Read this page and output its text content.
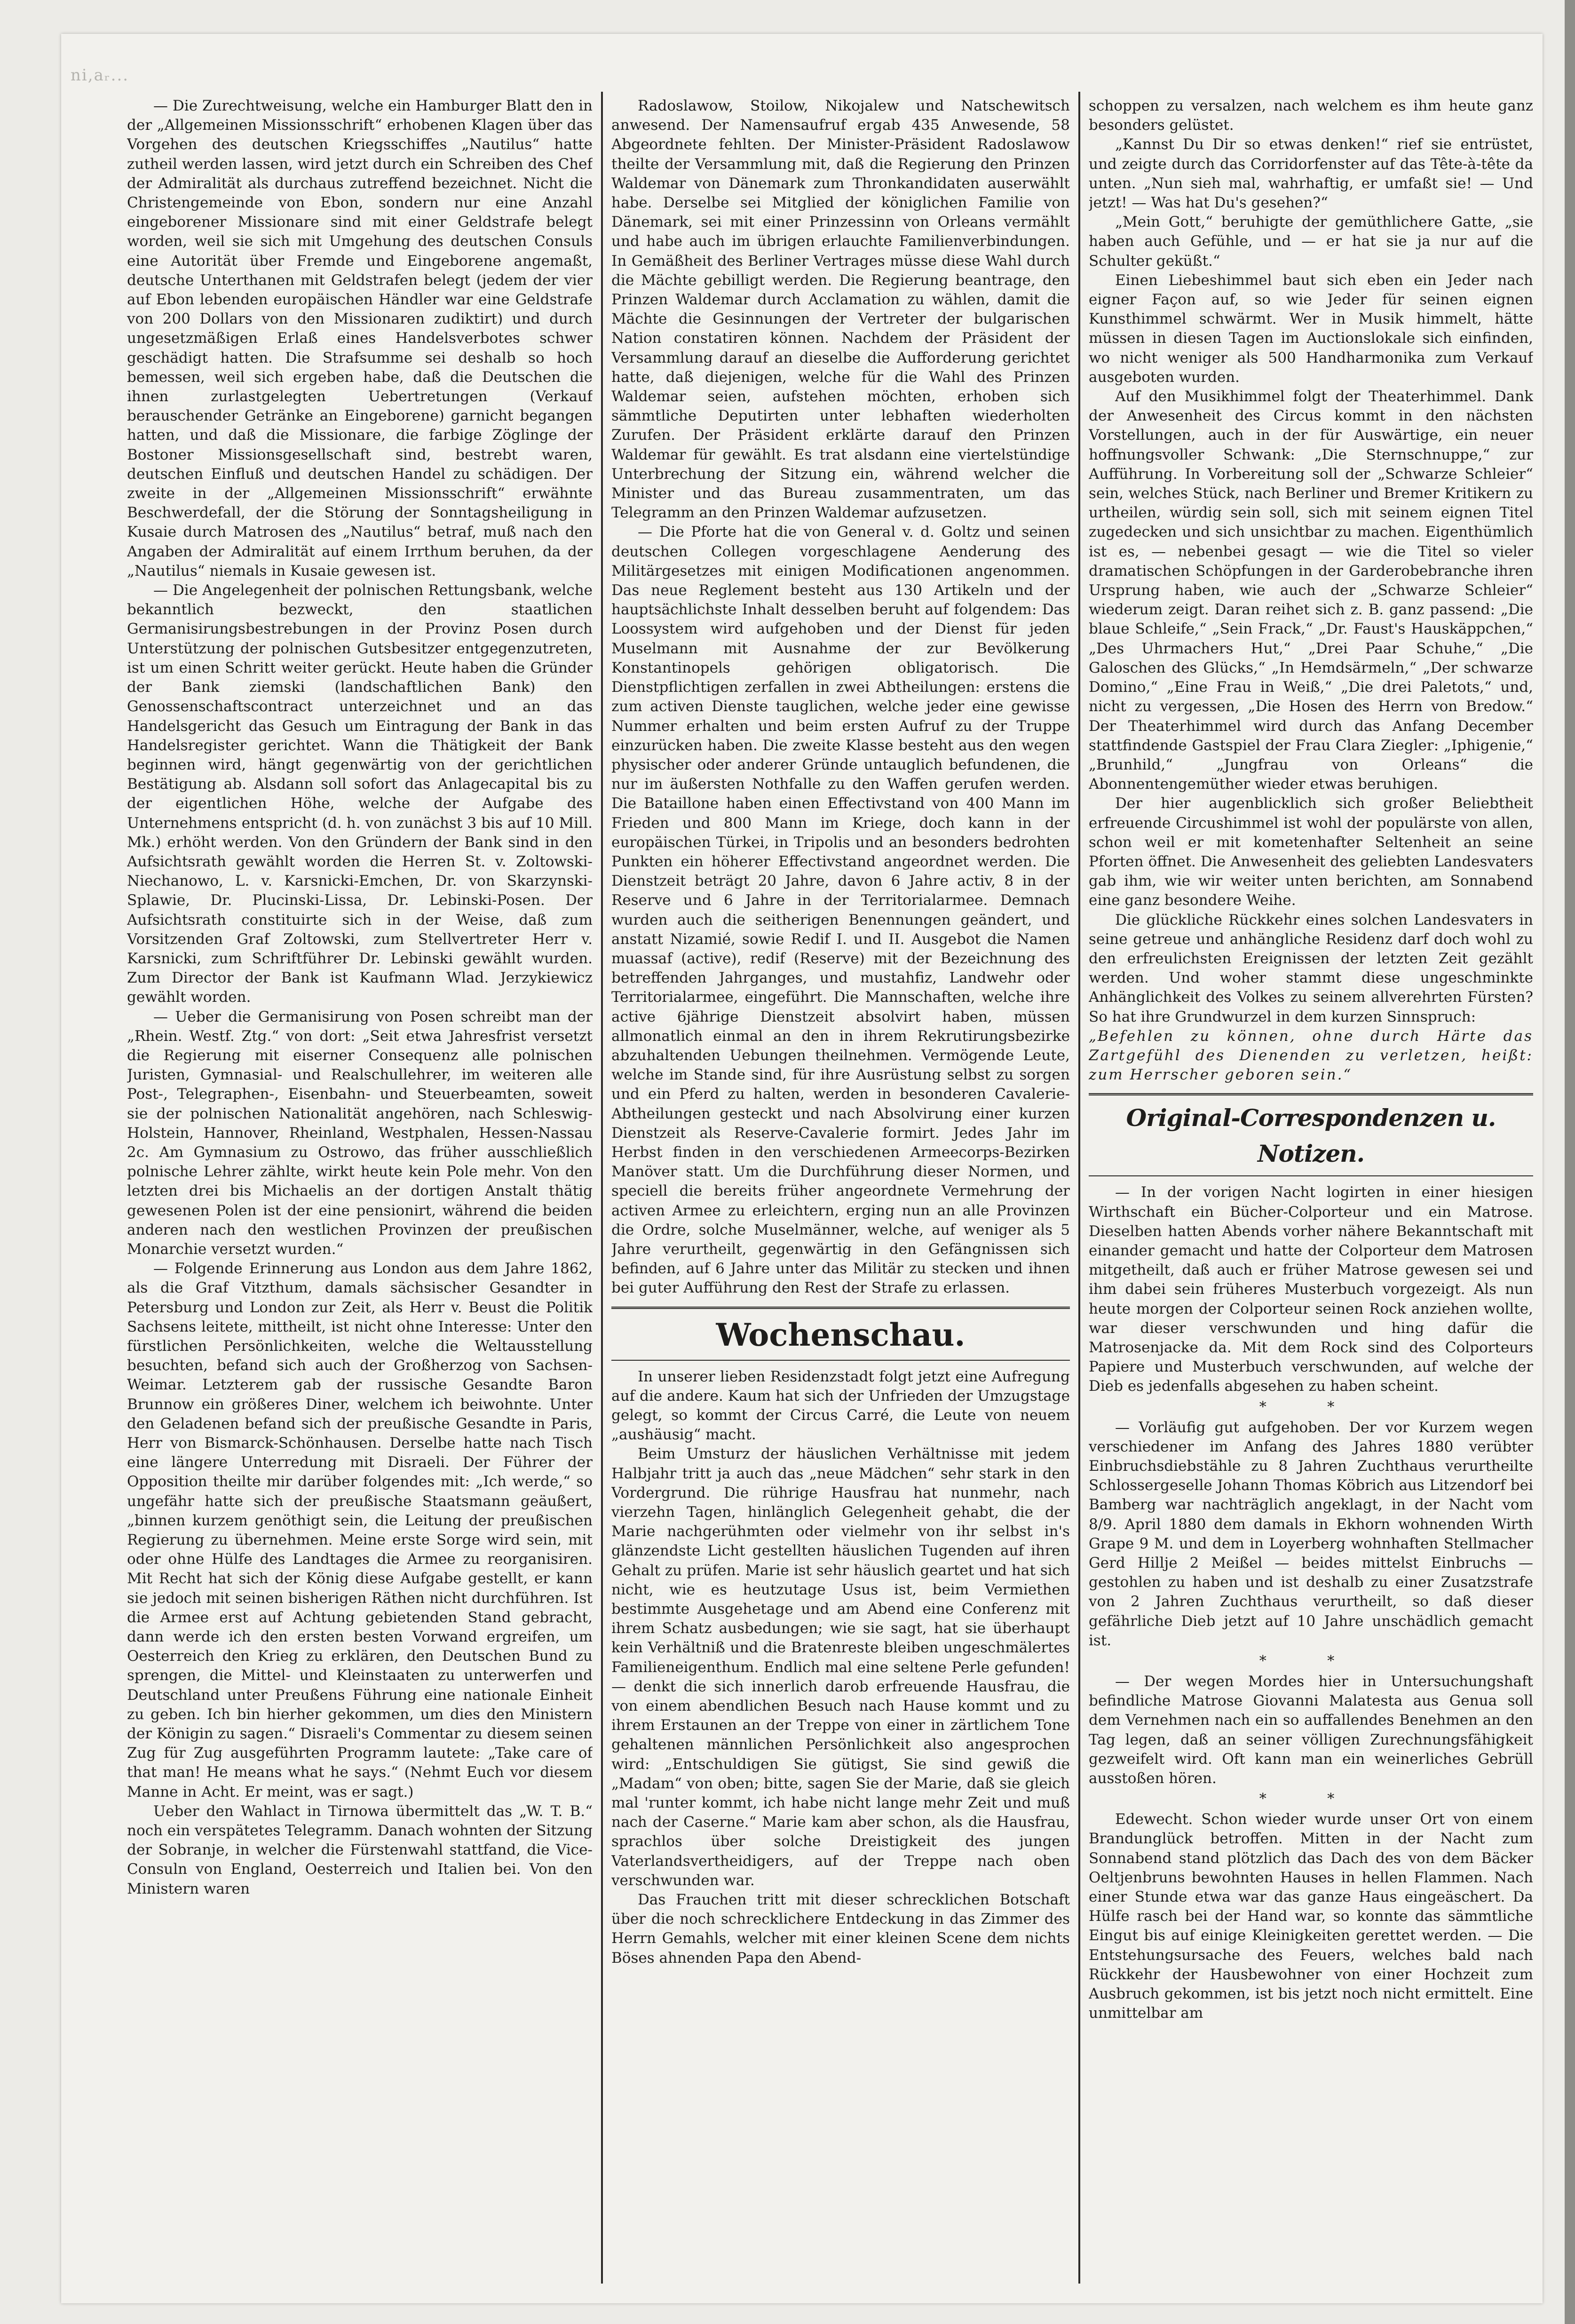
ni,aᵣ...

— Die Zurechtweisung, welche ein Hamburger Blatt den in der „Allgemeinen Missionsschrift“ erhobenen Klagen über das Vorgehen des deutschen Kriegsschiffes „Nautilus“ hatte zutheil werden lassen, wird jetzt durch ein Schreiben des Chef der Admiralität als durchaus zutreffend bezeichnet. Nicht die Christengemeinde von Ebon, sondern nur eine Anzahl eingeborener Missionare sind mit einer Geldstrafe belegt worden, weil sie sich mit Umgehung des deutschen Consuls eine Autorität über Fremde und Eingeborene angemaßt, deutsche Unterthanen mit Geldstrafen belegt (jedem der vier auf Ebon lebenden europäischen Händler war eine Geldstrafe von 200 Dollars von den Missionaren zudiktirt) und durch ungesetzmäßigen Erlaß eines Handelsverbotes schwer geschädigt hatten. Die Strafsumme sei deshalb so hoch bemessen, weil sich ergeben habe, daß die Deutschen die ihnen zurlastgelegten Uebertretungen (Verkauf berauschender Getränke an Eingeborene) garnicht begangen hatten, und daß die Missionare, die farbige Zöglinge der Bostoner Missionsgesellschaft sind, bestrebt waren, deutschen Einfluß und deutschen Handel zu schädigen. Der zweite in der „Allgemeinen Missionsschrift“ erwähnte Beschwerdefall, der die Störung der Sonntagsheiligung in Kusaie durch Matrosen des „Nautilus“ betraf, muß nach den Angaben der Admiralität auf einem Irrthum beruhen, da der „Nautilus“ niemals in Kusaie gewesen ist.

— Die Angelegenheit der polnischen Rettungsbank, welche bekanntlich bezweckt, den staatlichen Germanisirungsbestrebungen in der Provinz Posen durch Unterstützung der polnischen Gutsbesitzer entgegenzutreten, ist um einen Schritt weiter gerückt. Heute haben die Gründer der Bank ziemski (landschaftlichen Bank) den Genossenschaftscontract unterzeichnet und an das Handelsgericht das Gesuch um Eintragung der Bank in das Handelsregister gerichtet. Wann die Thätigkeit der Bank beginnen wird, hängt gegenwärtig von der gerichtlichen Bestätigung ab. Alsdann soll sofort das Anlagecapital bis zu der eigentlichen Höhe, welche der Aufgabe des Unternehmens entspricht (d. h. von zunächst 3 bis auf 10 Mill. Mk.) erhöht werden. Von den Gründern der Bank sind in den Aufsichtsrath gewählt worden die Herren St. v. Zoltowski-Niechanowo, L. v. Karsnicki-Emchen, Dr. von Skarzynski-Splawie, Dr. Plucinski-Lissa, Dr. Lebinski-Posen. Der Aufsichtsrath constituirte sich in der Weise, daß zum Vorsitzenden Graf Zoltowski, zum Stellvertreter Herr v. Karsnicki, zum Schriftführer Dr. Lebinski gewählt wurden. Zum Director der Bank ist Kaufmann Wlad. Jerzykiewicz gewählt worden.

— Ueber die Germanisirung von Posen schreibt man der „Rhein. Westf. Ztg.“ von dort: „Seit etwa Jahresfrist versetzt die Regierung mit eiserner Consequenz alle polnischen Juristen, Gymnasial- und Realschullehrer, im weiteren alle Post-, Telegraphen-, Eisenbahn- und Steuerbeamten, soweit sie der polnischen Nationalität angehören, nach Schleswig-Holstein, Hannover, Rheinland, Westphalen, Hessen-Nassau 2c. Am Gymnasium zu Ostrowo, das früher ausschließlich polnische Lehrer zählte, wirkt heute kein Pole mehr. Von den letzten drei bis Michaelis an der dortigen Anstalt thätig gewesenen Polen ist der eine pensionirt, während die beiden anderen nach den westlichen Provinzen der preußischen Monarchie versetzt wurden.“

— Folgende Erinnerung aus London aus dem Jahre 1862, als die Graf Vitzthum, damals sächsischer Gesandter in Petersburg und London zur Zeit, als Herr v. Beust die Politik Sachsens leitete, mittheilt, ist nicht ohne Interesse: Unter den fürstlichen Persönlichkeiten, welche die Weltausstellung besuchten, befand sich auch der Großherzog von Sachsen-Weimar. Letzterem gab der russische Gesandte Baron Brunnow ein größeres Diner, welchem ich beiwohnte. Unter den Geladenen befand sich der preußische Gesandte in Paris, Herr von Bismarck-Schönhausen. Derselbe hatte nach Tisch eine längere Unterredung mit Disraeli. Der Führer der Opposition theilte mir darüber folgendes mit: „Ich werde,“ so ungefähr hatte sich der preußische Staatsmann geäußert, „binnen kurzem genöthigt sein, die Leitung der preußischen Regierung zu übernehmen. Meine erste Sorge wird sein, mit oder ohne Hülfe des Landtages die Armee zu reorganisiren. Mit Recht hat sich der König diese Aufgabe gestellt, er kann sie jedoch mit seinen bisherigen Räthen nicht durchführen. Ist die Armee erst auf Achtung gebietenden Stand gebracht, dann werde ich den ersten besten Vorwand ergreifen, um Oesterreich den Krieg zu erklären, den Deutschen Bund zu sprengen, die Mittel- und Kleinstaaten zu unterwerfen und Deutschland unter Preußens Führung eine nationale Einheit zu geben. Ich bin hierher gekommen, um dies den Ministern der Königin zu sagen.“ Disraeli's Commentar zu diesem seinen Zug für Zug ausgeführten Programm lautete: „Take care of that man! He means what he says.“ (Nehmt Euch vor diesem Manne in Acht. Er meint, was er sagt.)

Ueber den Wahlact in Tirnowa übermittelt das „W. T. B.“ noch ein verspätetes Telegramm. Danach wohnten der Sitzung der Sobranje, in welcher die Fürstenwahl stattfand, die Vice-Consuln von England, Oesterreich und Italien bei. Von den Ministern waren

Radoslawow, Stoilow, Nikojalew und Natschewitsch anwesend. Der Namensaufruf ergab 435 Anwesende, 58 Abgeordnete fehlten. Der Minister-Präsident Radoslawow theilte der Versammlung mit, daß die Regierung den Prinzen Waldemar von Dänemark zum Thronkandidaten auserwählt habe. Derselbe sei Mitglied der königlichen Familie von Dänemark, sei mit einer Prinzessinn von Orleans vermählt und habe auch im übrigen erlauchte Familienverbindungen. In Gemäßheit des Berliner Vertrages müsse diese Wahl durch die Mächte gebilligt werden. Die Regierung beantrage, den Prinzen Waldemar durch Acclamation zu wählen, damit die Mächte die Gesinnungen der Vertreter der bulgarischen Nation constatiren können. Nachdem der Präsident der Versammlung darauf an dieselbe die Aufforderung gerichtet hatte, daß diejenigen, welche für die Wahl des Prinzen Waldemar seien, aufstehen möchten, erhoben sich sämmtliche Deputirten unter lebhaften wiederholten Zurufen. Der Präsident erklärte darauf den Prinzen Waldemar für gewählt. Es trat alsdann eine viertelstündige Unterbrechung der Sitzung ein, während welcher die Minister und das Bureau zusammentraten, um das Telegramm an den Prinzen Waldemar aufzusetzen.

— Die Pforte hat die von General v. d. Goltz und seinen deutschen Collegen vorgeschlagene Aenderung des Militärgesetzes mit einigen Modificationen angenommen. Das neue Reglement besteht aus 130 Artikeln und der hauptsächlichste Inhalt desselben beruht auf folgendem: Das Loossystem wird aufgehoben und der Dienst für jeden Muselmann mit Ausnahme der zur Bevölkerung Konstantinopels gehörigen obligatorisch. Die Dienstpflichtigen zerfallen in zwei Abtheilungen: erstens die zum activen Dienste tauglichen, welche jeder eine gewisse Nummer erhalten und beim ersten Aufruf zu der Truppe einzurücken haben. Die zweite Klasse besteht aus den wegen physischer oder anderer Gründe untauglich befundenen, die nur im äußersten Nothfalle zu den Waffen gerufen werden. Die Bataillone haben einen Effectivstand von 400 Mann im Frieden und 800 Mann im Kriege, doch kann in der europäischen Türkei, in Tripolis und an besonders bedrohten Punkten ein höherer Effectivstand angeordnet werden. Die Dienstzeit beträgt 20 Jahre, davon 6 Jahre activ, 8 in der Reserve und 6 Jahre in der Territorialarmee. Demnach wurden auch die seitherigen Benennungen geändert, und anstatt Nizamié, sowie Redif I. und II. Ausgebot die Namen muassaf (active), redif (Reserve) mit der Bezeichnung des betreffenden Jahrganges, und mustahfiz, Landwehr oder Territorialarmee, eingeführt. Die Mannschaften, welche ihre active 6jährige Dienstzeit absolvirt haben, müssen allmonatlich einmal an den in ihrem Rekrutirungsbezirke abzuhaltenden Uebungen theilnehmen. Vermögende Leute, welche im Stande sind, für ihre Ausrüstung selbst zu sorgen und ein Pferd zu halten, werden in besonderen Cavalerie-Abtheilungen gesteckt und nach Absolvirung einer kurzen Dienstzeit als Reserve-Cavalerie formirt. Jedes Jahr im Herbst finden in den verschiedenen Armeecorps-Bezirken Manöver statt. Um die Durchführung dieser Normen, und speciell die bereits früher angeordnete Vermehrung der activen Armee zu erleichtern, erging nun an alle Provinzen die Ordre, solche Muselmänner, welche, auf weniger als 5 Jahre verurtheilt, gegenwärtig in den Gefängnissen sich befinden, auf 6 Jahre unter das Militär zu stecken und ihnen bei guter Aufführung den Rest der Strafe zu erlassen.

Wochenschau.

In unserer lieben Residenzstadt folgt jetzt eine Aufregung auf die andere. Kaum hat sich der Unfrieden der Umzugstage gelegt, so kommt der Circus Carré, die Leute von neuem „aushäusig“ macht.

Beim Umsturz der häuslichen Verhältnisse mit jedem Halbjahr tritt ja auch das „neue Mädchen“ sehr stark in den Vordergrund. Die rührige Hausfrau hat nunmehr, nach vierzehn Tagen, hinlänglich Gelegenheit gehabt, die der Marie nachgerühmten oder vielmehr von ihr selbst in's glänzendste Licht gestellten häuslichen Tugenden auf ihren Gehalt zu prüfen. Marie ist sehr häuslich geartet und hat sich nicht, wie es heutzutage Usus ist, beim Vermiethen bestimmte Ausgehetage und am Abend eine Conferenz mit ihrem Schatz ausbedungen; wie sie sagt, hat sie überhaupt kein Verhältniß und die Bratenreste bleiben ungeschmälertes Familieneigenthum. Endlich mal eine seltene Perle gefunden! — denkt die sich innerlich darob erfreuende Hausfrau, die von einem abendlichen Besuch nach Hause kommt und zu ihrem Erstaunen an der Treppe von einer in zärtlichem Tone gehaltenen männlichen Persönlichkeit also angesprochen wird: „Entschuldigen Sie gütigst, Sie sind gewiß die „Madam“ von oben; bitte, sagen Sie der Marie, daß sie gleich mal 'runter kommt, ich habe nicht lange mehr Zeit und muß nach der Caserne.“ Marie kam aber schon, als die Hausfrau, sprachlos über solche Dreistigkeit des jungen Vaterlandsvertheidigers, auf der Treppe nach oben verschwunden war.

Das Frauchen tritt mit dieser schrecklichen Botschaft über die noch schrecklichere Entdeckung in das Zimmer des Herrn Gemahls, welcher mit einer kleinen Scene dem nichts Böses ahnenden Papa den Abend-

schoppen zu versalzen, nach welchem es ihm heute ganz besonders gelüstet.

„Kannst Du Dir so etwas denken!“ rief sie entrüstet, und zeigte durch das Corridorfenster auf das Tête-à-tête da unten. „Nun sieh mal, wahrhaftig, er umfaßt sie! — Und jetzt! — Was hat Du's gesehen?“

„Mein Gott,“ beruhigte der gemüthlichere Gatte, „sie haben auch Gefühle, und — er hat sie ja nur auf die Schulter geküßt.“

Einen Liebeshimmel baut sich eben ein Jeder nach eigner Façon auf, so wie Jeder für seinen eignen Kunsthimmel schwärmt. Wer in Musik himmelt, hätte müssen in diesen Tagen im Auctionslokale sich einfinden, wo nicht weniger als 500 Handharmonika zum Verkauf ausgeboten wurden.

Auf den Musikhimmel folgt der Theaterhimmel. Dank der Anwesenheit des Circus kommt in den nächsten Vorstellungen, auch in der für Auswärtige, ein neuer hoffnungsvoller Schwank: „Die Sternschnuppe,“ zur Aufführung. In Vorbereitung soll der „Schwarze Schleier“ sein, welches Stück, nach Berliner und Bremer Kritikern zu urtheilen, würdig sein soll, sich mit seinem eignen Titel zugedecken und sich unsichtbar zu machen. Eigenthümlich ist es, — nebenbei gesagt — wie die Titel so vieler dramatischen Schöpfungen in der Garderobebranche ihren Ursprung haben, wie auch der „Schwarze Schleier“ wiederum zeigt. Daran reihet sich z. B. ganz passend: „Die blaue Schleife,“ „Sein Frack,“ „Dr. Faust's Hauskäppchen,“ „Des Uhrmachers Hut,“ „Drei Paar Schuhe,“ „Die Galoschen des Glücks,“ „In Hemdsärmeln,“ „Der schwarze Domino,“ „Eine Frau in Weiß,“ „Die drei Paletots,“ und, nicht zu vergessen, „Die Hosen des Herrn von Bredow.“ Der Theaterhimmel wird durch das Anfang December stattfindende Gastspiel der Frau Clara Ziegler: „Iphigenie,“ „Brunhild,“ „Jungfrau von Orleans“ die Abonnentengemüther wieder etwas beruhigen.

Der hier augenblicklich sich großer Beliebtheit erfreuende Circushimmel ist wohl der populärste von allen, schon weil er mit kometenhafter Seltenheit an seine Pforten öffnet. Die Anwesenheit des geliebten Landesvaters gab ihm, wie wir weiter unten berichten, am Sonnabend eine ganz besondere Weihe.

Die glückliche Rückkehr eines solchen Landesvaters in seine getreue und anhängliche Residenz darf doch wohl zu den erfreulichsten Ereignissen der letzten Zeit gezählt werden. Und woher stammt diese ungeschminkte Anhänglichkeit des Volkes zu seinem allverehrten Fürsten? So hat ihre Grundwurzel in dem kurzen Sinnspruch:

„Befehlen zu können, ohne durch Härte das Zartgefühl des Dienenden zu verletzen, heißt: zum Herrscher geboren sein.“

Original-Correspondenzen u. Notizen.

— In der vorigen Nacht logirten in einer hiesigen Wirthschaft ein Bücher-Colporteur und ein Matrose. Dieselben hatten Abends vorher nähere Bekanntschaft mit einander gemacht und hatte der Colporteur dem Matrosen mitgetheilt, daß auch er früher Matrose gewesen sei und ihm dabei sein früheres Musterbuch vorgezeigt. Als nun heute morgen der Colporteur seinen Rock anziehen wollte, war dieser verschwunden und hing dafür die Matrosenjacke da. Mit dem Rock sind des Colporteurs Papiere und Musterbuch verschwunden, auf welche der Dieb es jedenfalls abgesehen zu haben scheint.

* *

— Vorläufig gut aufgehoben. Der vor Kurzem wegen verschiedener im Anfang des Jahres 1880 verübter Einbruchsdiebstähle zu 8 Jahren Zuchthaus verurtheilte Schlossergeselle Johann Thomas Köbrich aus Litzendorf bei Bamberg war nachträglich angeklagt, in der Nacht vom 8/9. April 1880 dem damals in Ekhorn wohnenden Wirth Grape 9 M. und dem in Loyerberg wohnhaften Stellmacher Gerd Hillje 2 Meißel — beides mittelst Einbruchs — gestohlen zu haben und ist deshalb zu einer Zusatzstrafe von 2 Jahren Zuchthaus verurtheilt, so daß dieser gefährliche Dieb jetzt auf 10 Jahre unschädlich gemacht ist.

* *

— Der wegen Mordes hier in Untersuchungshaft befindliche Matrose Giovanni Malatesta aus Genua soll dem Vernehmen nach ein so auffallendes Benehmen an den Tag legen, daß an seiner völligen Zurechnungsfähigkeit gezweifelt wird. Oft kann man ein weinerliches Gebrüll ausstoßen hören.

* *

Edewecht. Schon wieder wurde unser Ort von einem Brandunglück betroffen. Mitten in der Nacht zum Sonnabend stand plötzlich das Dach des von dem Bäcker Oeltjenbruns bewohnten Hauses in hellen Flammen. Nach einer Stunde etwa war das ganze Haus eingeäschert. Da Hülfe rasch bei der Hand war, so konnte das sämmtliche Eingut bis auf einige Kleinigkeiten gerettet werden. — Die Entstehungsursache des Feuers, welches bald nach Rückkehr der Hausbewohner von einer Hochzeit zum Ausbruch gekommen, ist bis jetzt noch nicht ermittelt. Eine unmittelbar am
